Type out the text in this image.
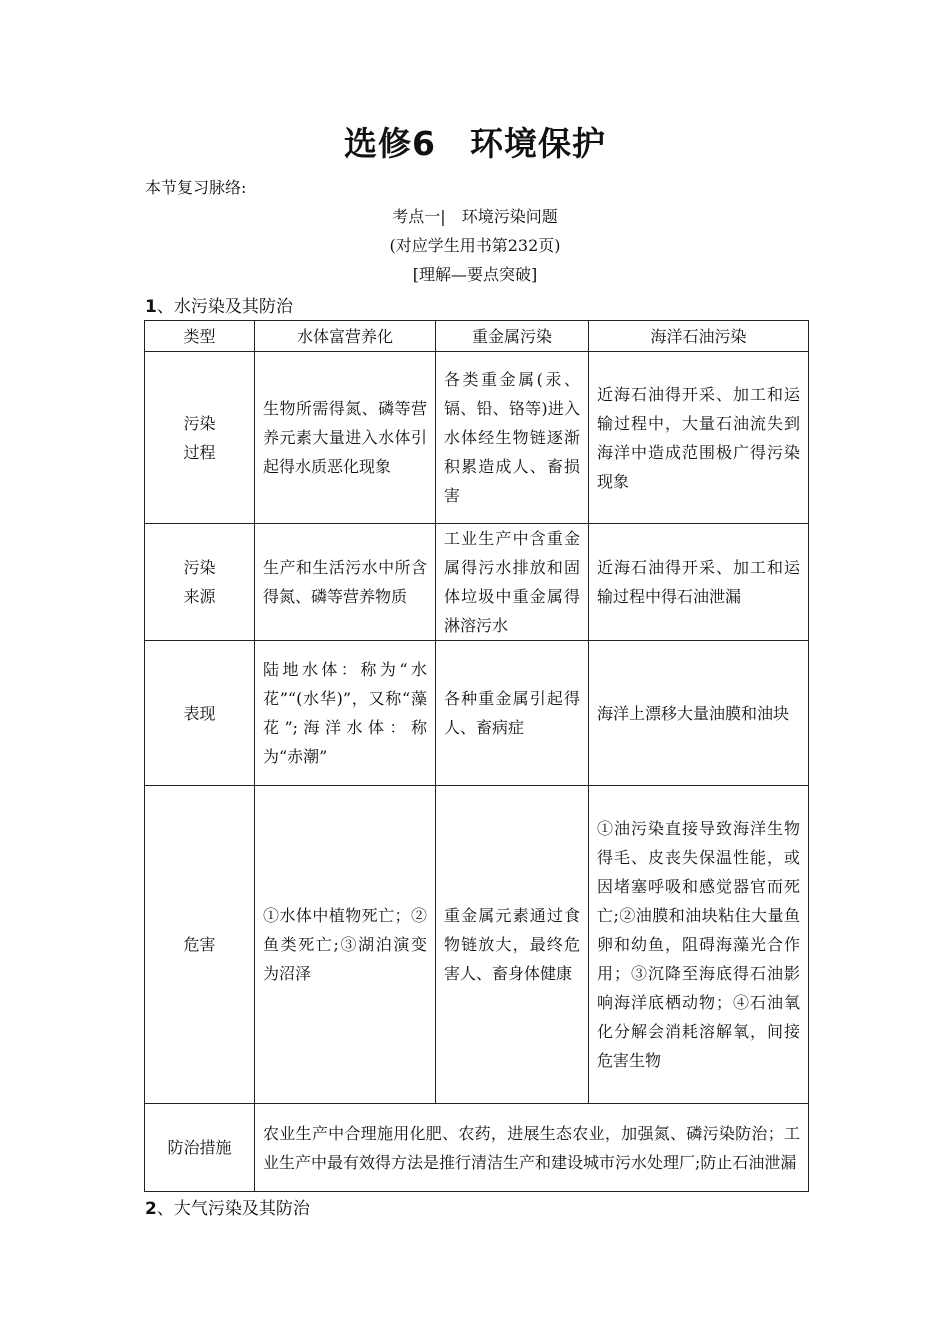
选修6　环境保护
本节复习脉络:
考点一|　环境污染问题
(对应学生用书第232页)
[理解—要点突破]
1、水污染及其防治
类型	水体富营养化	重金属污染	海洋石油污染
污染
过程	生物所需得氮、磷等营养元素大量进入水体引起得水质恶化现象	各类重金属(汞、镉、铅、铬等)进入水体经生物链逐渐积累造成人、畜损害	近海石油得开采、加工和运输过程中，大量石油流失到海洋中造成范围极广得污染现象
污染
来源	生产和生活污水中所含得氮、磷等营养物质	工业生产中含重金属得污水排放和固体垃圾中重金属得淋溶污水	近海石油得开采、加工和运输过程中得石油泄漏
表现	陆地水体：称为“水花”“(水华)”，又称“藻花”;海洋水体：称为“赤潮”	各种重金属引起得人、畜病症	海洋上漂移大量油膜和油块
危害	①水体中植物死亡；②鱼类死亡;③湖泊演变为沼泽	重金属元素通过食物链放大，最终危害人、畜身体健康	①油污染直接导致海洋生物得毛、皮丧失保温性能，或因堵塞呼吸和感觉器官而死亡;②油膜和油块粘住大量鱼卵和幼鱼，阻碍海藻光合作用；③沉降至海底得石油影响海洋底栖动物；④石油氧化分解会消耗溶解氧，间接危害生物
防治措施	农业生产中合理施用化肥、农药，进展生态农业，加强氮、磷污染防治；工业生产中最有效得方法是推行清洁生产和建设城市污水处理厂;防止石油泄漏		
2、大气污染及其防治
